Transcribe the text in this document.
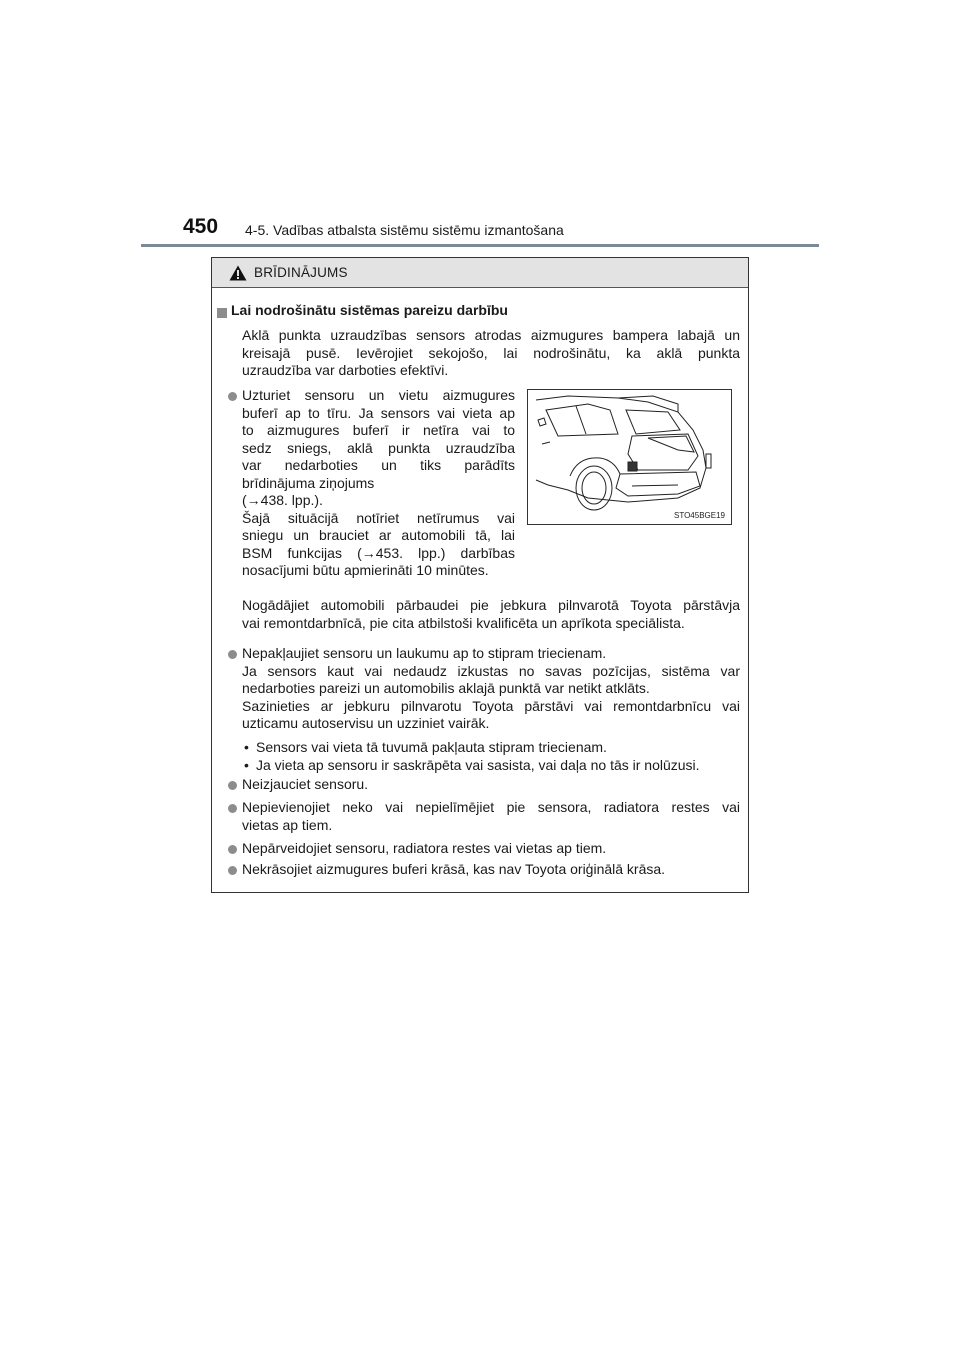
450 4-5. Vadības atbalsta sistēmu sistēmu izmantošana
BRĪDINĀJUMS
Lai nodrošinātu sistēmas pareizu darbību
Aklā punkta uzraudzības sensors atrodas aizmugures bampera labajā un
kreisajā pusē. Ievērojiet sekojošo, lai nodrošinātu, ka aklā punkta
uzraudzība var darboties efektīvi.
Uzturiet sensoru un vietu aizmugures
buferī ap to tīru. Ja sensors vai vieta ap
to aizmugures buferī ir netīra vai to
sedz sniegs, aklā punkta uzraudzība
var nedarboties un tiks parādīts
brīdinājuma ziņojums
(→438. lpp.).
Šajā situācijā notīriet netīrumus vai
sniegu un brauciet ar automobili tā, lai
BSM funkcijas (→453. lpp.) darbības
nosacījumi būtu apmierināti 10 minūtes.
STO45BGE19
Nogādājiet automobili pārbaudei pie jebkura pilnvarotā Toyota pārstāvja
vai remontdarbnīcā, pie cita atbilstoši kvalificēta un aprīkota speciālista.
Nepakļaujiet sensoru un laukumu ap to stipram triecienam.
Ja sensors kaut vai nedaudz izkustas no savas pozīcijas, sistēma var
nedarboties pareizi un automobilis aklajā punktā var netikt atklāts.
Sazinieties ar jebkuru pilnvarotu Toyota pārstāvi vai remontdarbnīcu vai
uzticamu autoservisu un uzziniet vairāk.
• Sensors vai vieta tā tuvumā pakļauta stipram triecienam.
• Ja vieta ap sensoru ir saskrāpēta vai sasista, vai daļa no tās ir nolūzusi.
Neizjauciet sensoru.
Nepievienojiet neko vai nepielīmējiet pie sensora, radiatora restes vai
vietas ap tiem.
Nepārveidojiet sensoru, radiatora restes vai vietas ap tiem.
Nekrāsojiet aizmugures buferi krāsā, kas nav Toyota oriģinālā krāsa.
